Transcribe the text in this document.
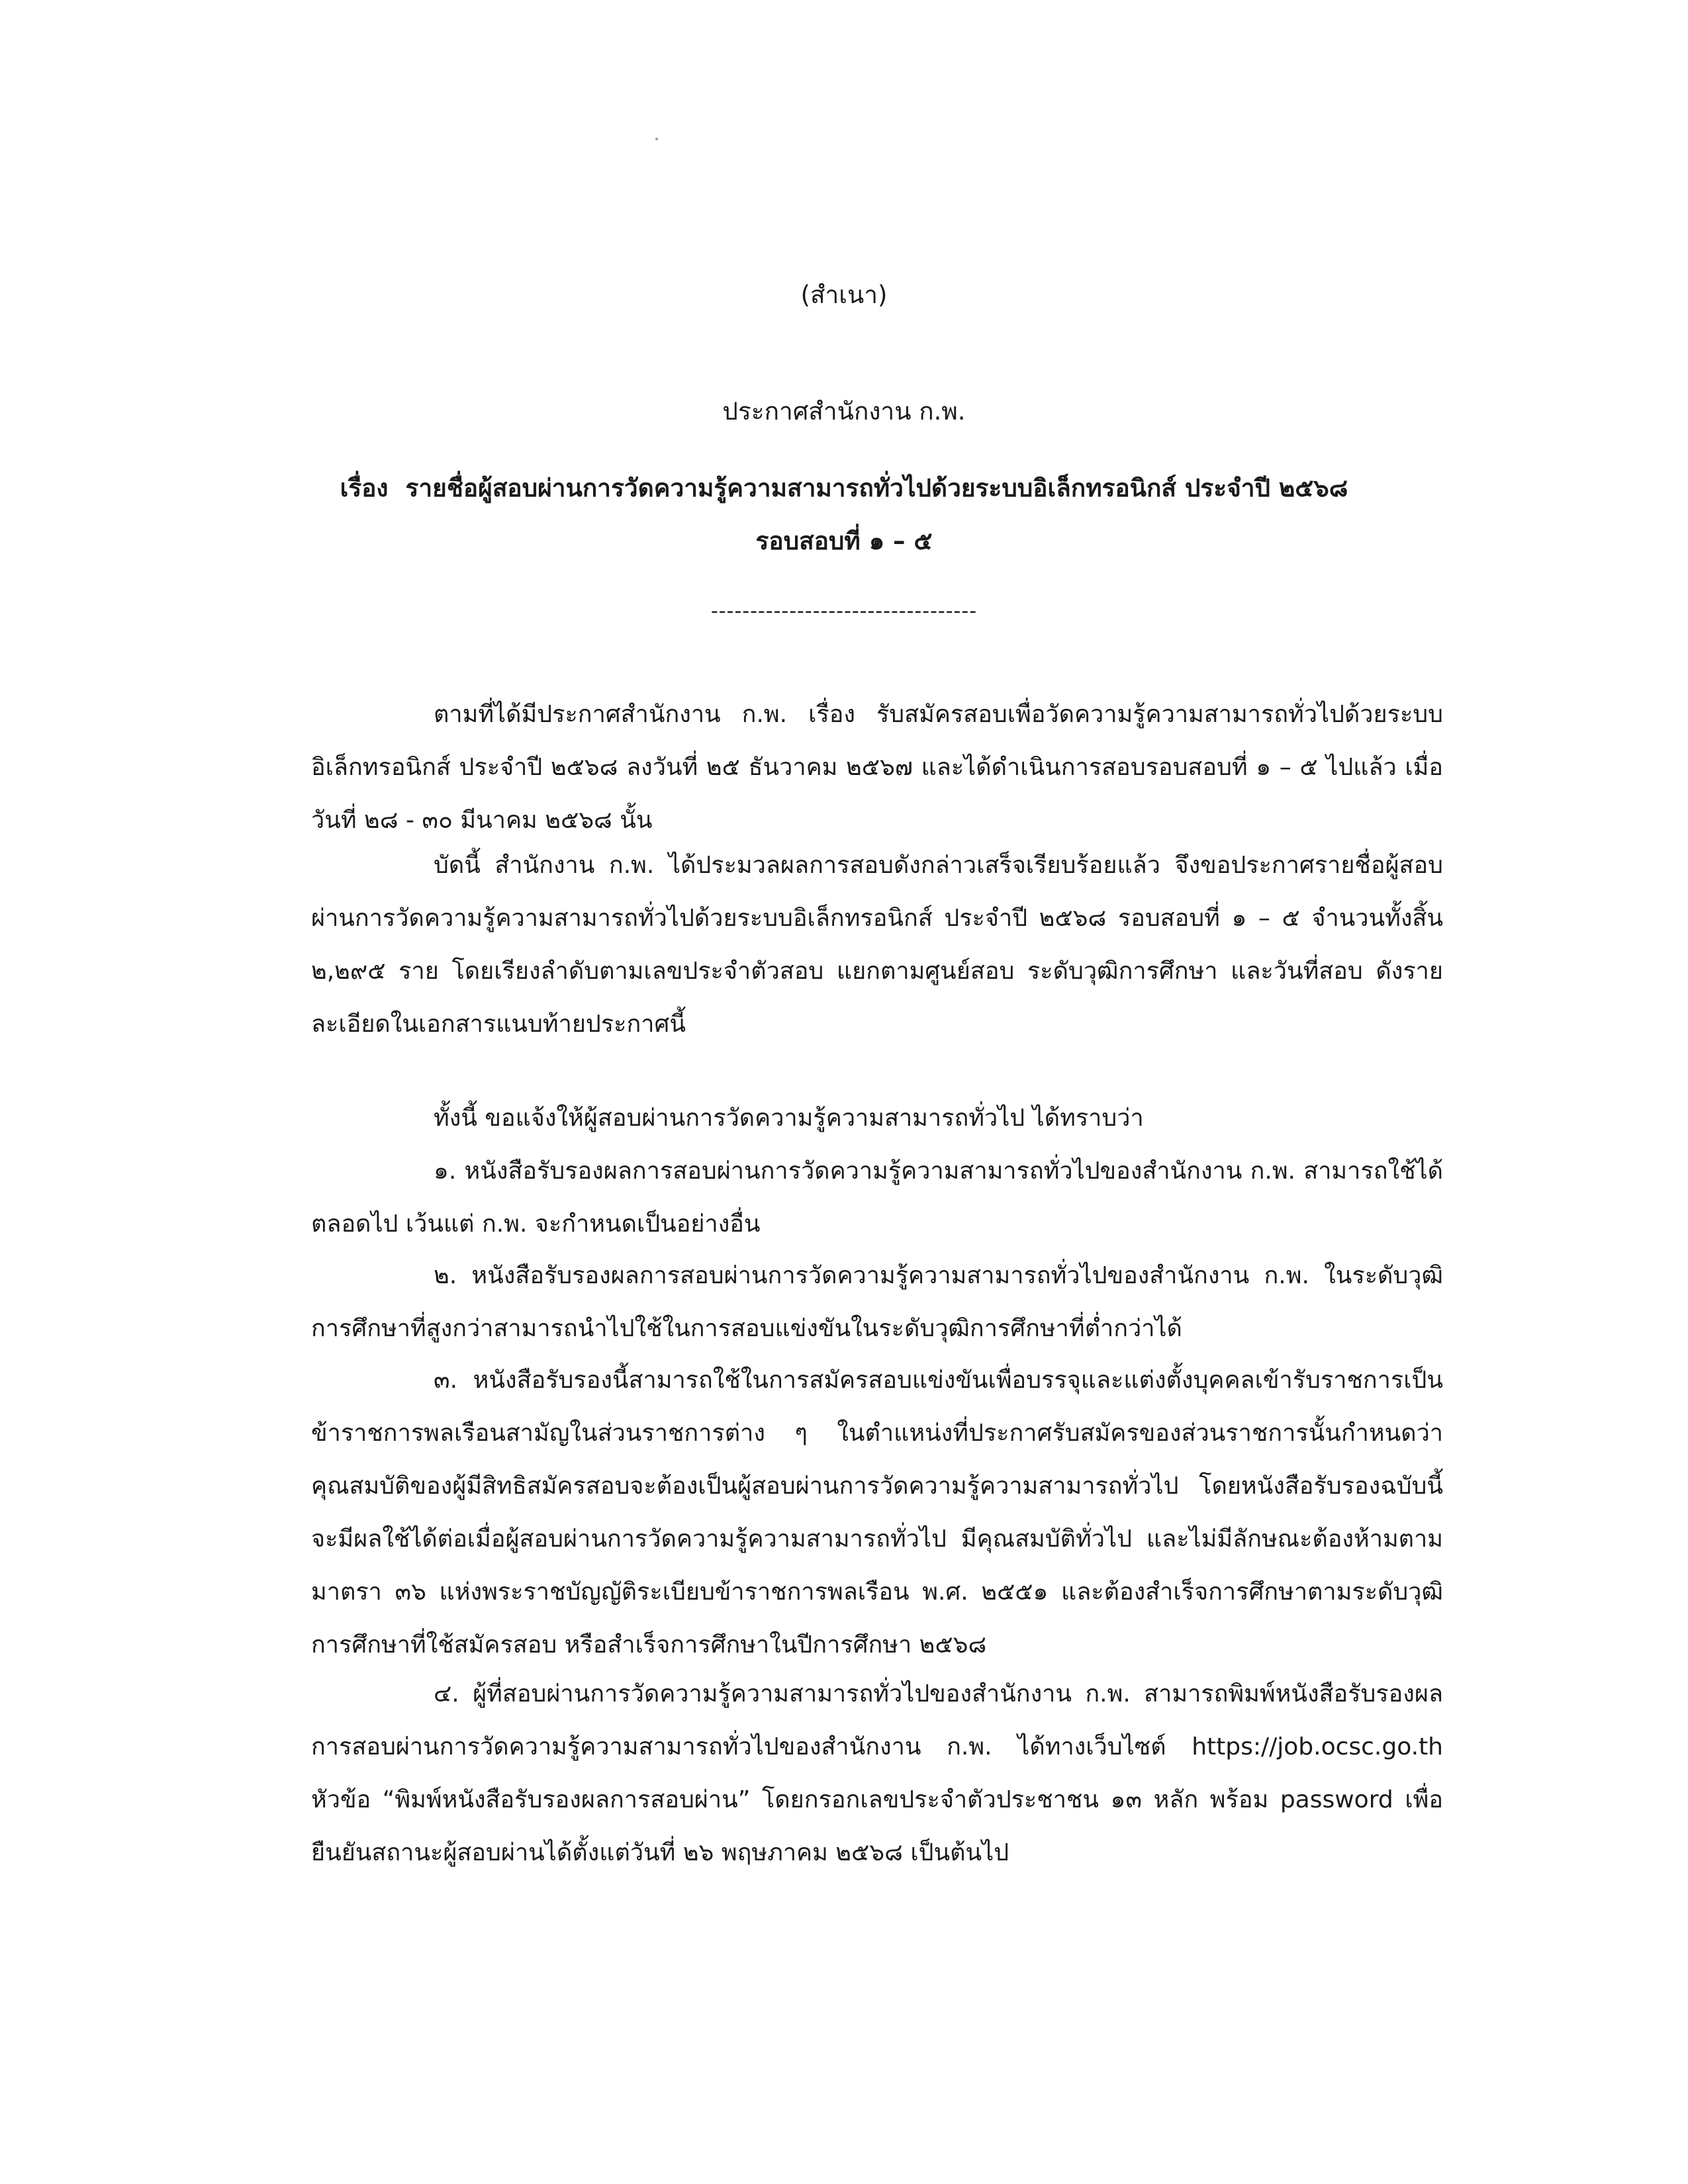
(สำเนา)
ประกาศสำนักงาน ก.พ.
เรื่อง รายชื่อผู้สอบผ่านการวัดความรู้ความสามารถทั่วไปด้วยระบบอิเล็กทรอนิกส์ ประจำปี ๒๕๖๘
รอบสอบที่ ๑ – ๕
----------------------------------

ตามที่ได้มีประกาศสำนักงาน ก.พ. เรื่อง รับสมัครสอบเพื่อวัดความรู้ความสามารถทั่วไปด้วยระบบอิเล็กทรอนิกส์ ประจำปี ๒๕๖๘ ลงวันที่ ๒๕ ธันวาคม ๒๕๖๗ และได้ดำเนินการสอบรอบสอบที่ ๑ – ๕ ไปแล้ว เมื่อวันที่ ๒๘ - ๓๐ มีนาคม ๒๕๖๘ นั้น

บัดนี้ สำนักงาน ก.พ. ได้ประมวลผลการสอบดังกล่าวเสร็จเรียบร้อยแล้ว จึงขอประกาศรายชื่อผู้สอบผ่านการวัดความรู้ความสามารถทั่วไปด้วยระบบอิเล็กทรอนิกส์ ประจำปี ๒๕๖๘ รอบสอบที่ ๑ – ๕ จำนวนทั้งสิ้น ๒,๒๙๕ ราย โดยเรียงลำดับตามเลขประจำตัวสอบ แยกตามศูนย์สอบ ระดับวุฒิการศึกษา และวันที่สอบ ดังรายละเอียดในเอกสารแนบท้ายประกาศนี้

ทั้งนี้ ขอแจ้งให้ผู้สอบผ่านการวัดความรู้ความสามารถทั่วไป ได้ทราบว่า

๑. หนังสือรับรองผลการสอบผ่านการวัดความรู้ความสามารถทั่วไปของสำนักงาน ก.พ. สามารถใช้ได้ตลอดไป เว้นแต่ ก.พ. จะกำหนดเป็นอย่างอื่น

๒. หนังสือรับรองผลการสอบผ่านการวัดความรู้ความสามารถทั่วไปของสำนักงาน ก.พ. ในระดับวุฒิการศึกษาที่สูงกว่าสามารถนำไปใช้ในการสอบแข่งขันในระดับวุฒิการศึกษาที่ต่ำกว่าได้

๓. หนังสือรับรองนี้สามารถใช้ในการสมัครสอบแข่งขันเพื่อบรรจุและแต่งตั้งบุคคลเข้ารับราชการเป็นข้าราชการพลเรือนสามัญในส่วนราชการต่าง ๆ ในตำแหน่งที่ประกาศรับสมัครของส่วนราชการนั้นกำหนดว่า คุณสมบัติของผู้มีสิทธิสมัครสอบจะต้องเป็นผู้สอบผ่านการวัดความรู้ความสามารถทั่วไป โดยหนังสือรับรองฉบับนี้จะมีผลใช้ได้ต่อเมื่อผู้สอบผ่านการวัดความรู้ความสามารถทั่วไป มีคุณสมบัติทั่วไป และไม่มีลักษณะต้องห้ามตามมาตรา ๓๖ แห่งพระราชบัญญัติระเบียบข้าราชการพลเรือน พ.ศ. ๒๕๕๑ และต้องสำเร็จการศึกษาตามระดับวุฒิการศึกษาที่ใช้สมัครสอบ หรือสำเร็จการศึกษาในปีการศึกษา ๒๕๖๘

๔. ผู้ที่สอบผ่านการวัดความรู้ความสามารถทั่วไปของสำนักงาน ก.พ. สามารถพิมพ์หนังสือรับรองผลการสอบผ่านการวัดความรู้ความสามารถทั่วไปของสำนักงาน ก.พ. ได้ทางเว็บไซต์ https://job.ocsc.go.th หัวข้อ “พิมพ์หนังสือรับรองผลการสอบผ่าน” โดยกรอกเลขประจำตัวประชาชน ๑๓ หลัก พร้อม password เพื่อยืนยันสถานะผู้สอบผ่านได้ตั้งแต่วันที่ ๒๖ พฤษภาคม ๒๕๖๘ เป็นต้นไป
